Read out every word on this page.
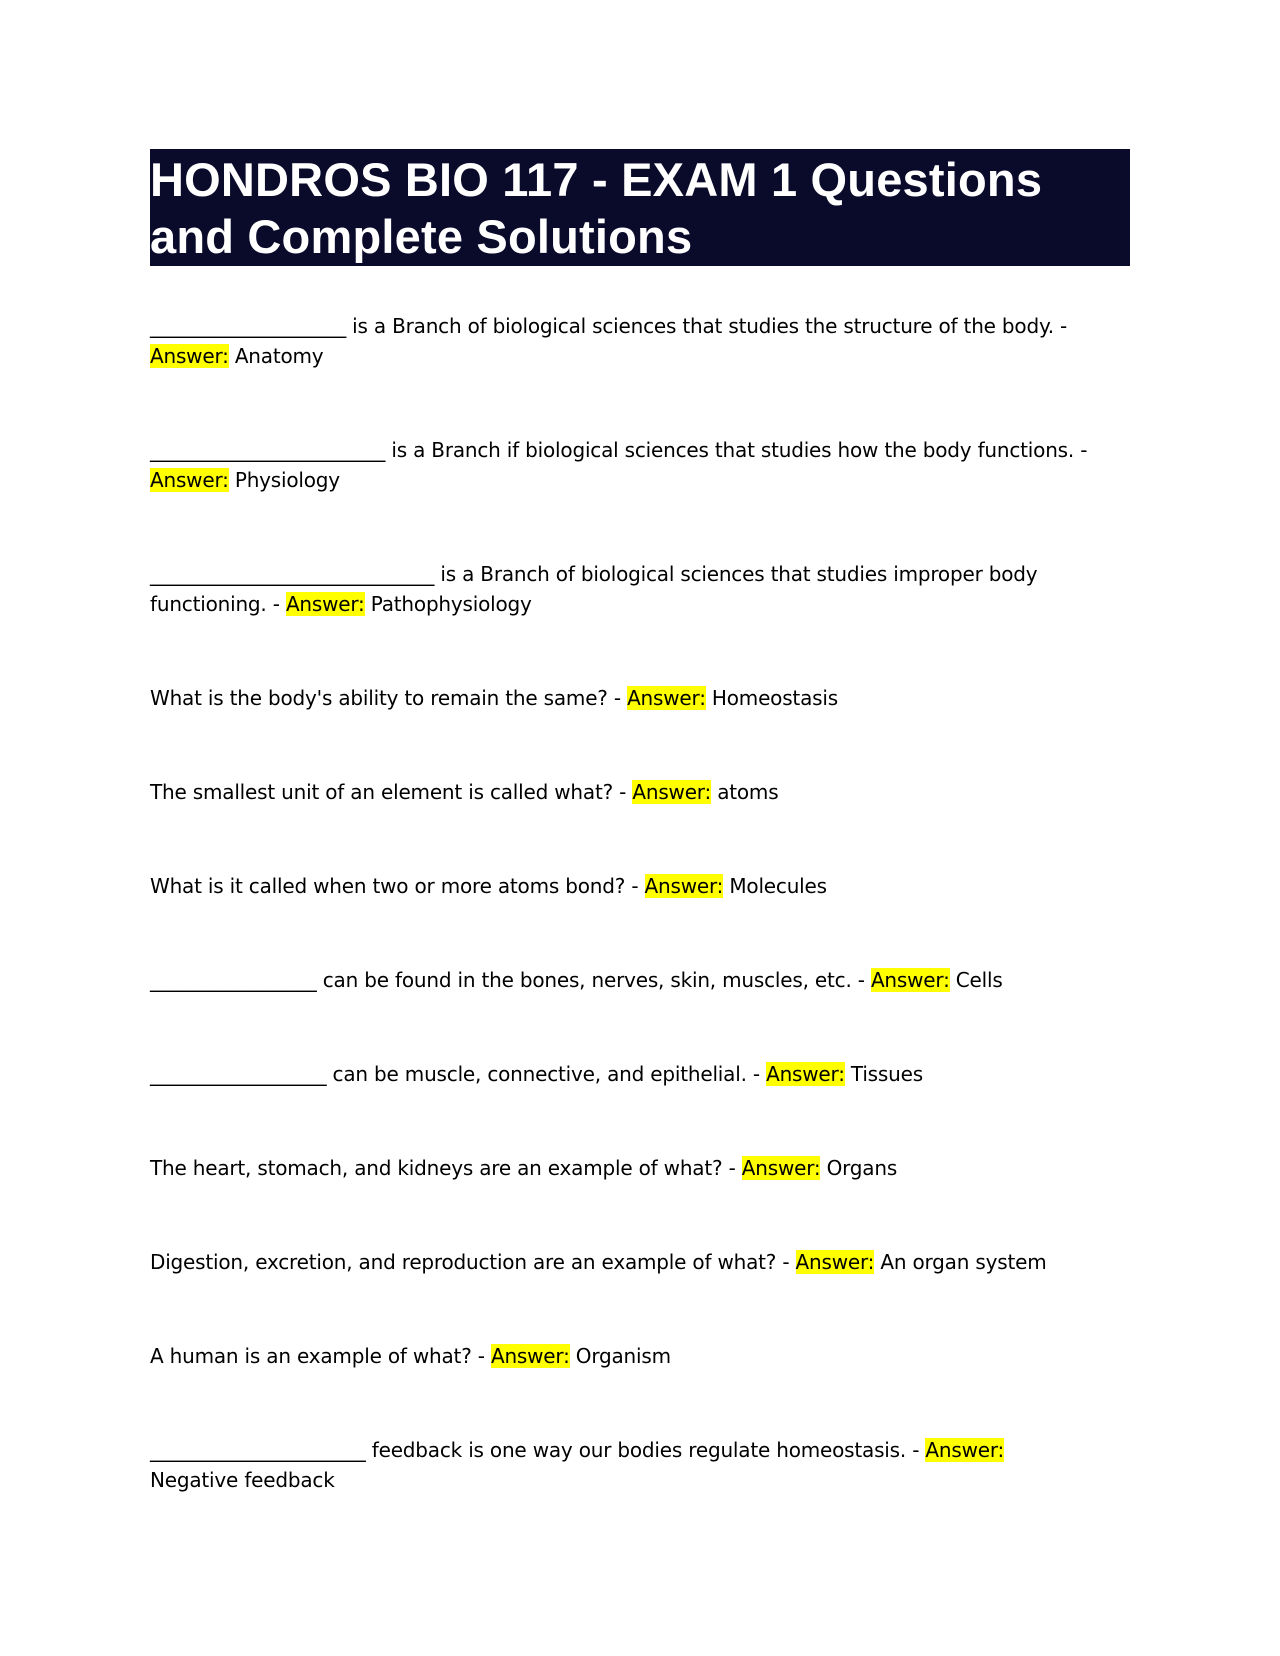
HONDROS BIO 117 - EXAM 1 Questions and Complete Solutions

____________________ is a Branch of biological sciences that studies the structure of the body. - Answer: Anatomy

________________________ is a Branch if biological sciences that studies how the body functions. - Answer: Physiology

_____________________________ is a Branch of biological sciences that studies improper body functioning. - Answer: Pathophysiology

What is the body's ability to remain the same? - Answer: Homeostasis

The smallest unit of an element is called what? - Answer: atoms

What is it called when two or more atoms bond? - Answer: Molecules

_________________ can be found in the bones, nerves, skin, muscles, etc. - Answer: Cells

__________________ can be muscle, connective, and epithelial. - Answer: Tissues

The heart, stomach, and kidneys are an example of what? - Answer: Organs

Digestion, excretion, and reproduction are an example of what? - Answer: An organ system

A human is an example of what? - Answer: Organism

______________________ feedback is one way our bodies regulate homeostasis. - Answer: Negative feedback
